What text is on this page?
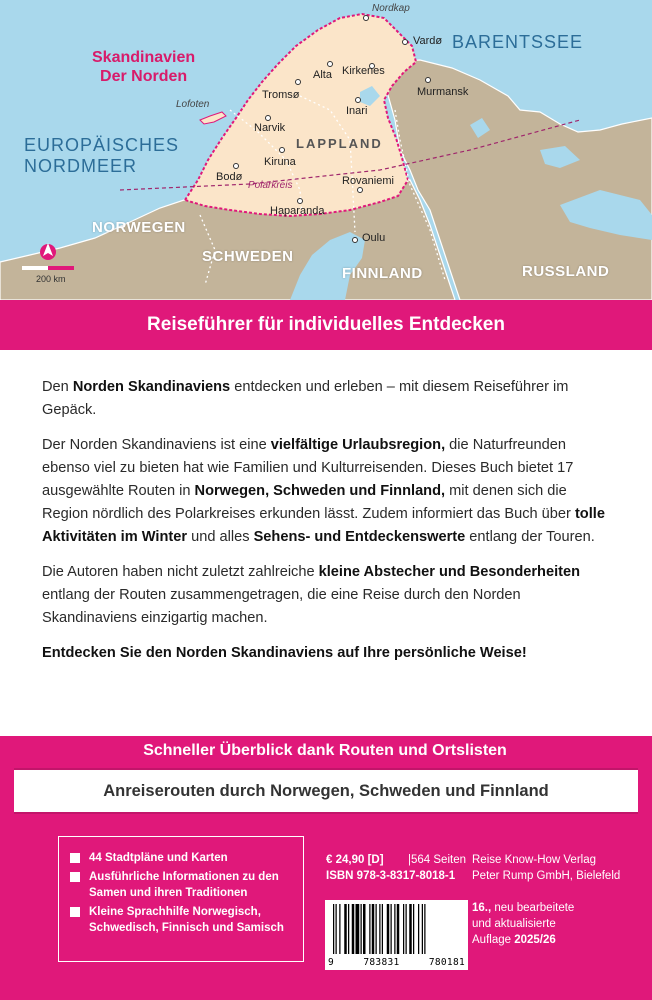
Skandinavien
Der Norden
BARENTSSEE
EUROPÄISCHES
NORDMEER
NORWEGEN
SCHWEDEN
FINNLAND	RUSSLAND
LAPPLAND
Polarkreis
Nordkap
Vardø
Alta Kirkenes
Murmansk
Tromsø
Inari
Lofoten
Narvik
Kiruna
Bodø	Rovaniemi
Haparanda
Oulu
200 km
Reiseführer für individuelles Entdecken

Den Norden Skandinaviens entdecken und erleben – mit diesem Reiseführer im Gepäck.

Der Norden Skandinaviens ist eine vielfältige Urlaubsregion, die Naturfreunden ebenso viel zu bieten hat wie Familien und Kulturreisenden. Dieses Buch bietet 17 ausgewählte Routen in Norwegen, Schweden und Finnland, mit denen sich die Region nördlich des Polarkreises erkunden lässt. Zudem informiert das Buch über tolle Aktivitäten im Winter und alles Sehens- und Entdeckenswerte entlang der Touren.

Die Autoren haben nicht zuletzt zahlreiche kleine Abstecher und Besonderheiten entlang der Routen zusammengetragen, die eine Reise durch den Norden Skandinaviens einzigartig machen.

Entdecken Sie den Norden Skandinaviens auf Ihre persönliche Weise!

Schneller Überblick dank Routen und Ortslisten
Anreiserouten durch Norwegen, Schweden und Finnland
44 Stadtpläne und Karten
Ausführliche Informationen zu den Samen und ihren Traditionen
Kleine Sprachhilfe Norwegisch, Schwedisch, Finnisch und Samisch
€ 24,90 [D] |564 Seiten
ISBN 978-3-8317-8018-1
9	783831	780181
Reise Know-How Verlag
Peter Rump GmbH, Bielefeld
16., neu bearbeitete
und aktualisierte
Auflage 2025/26
